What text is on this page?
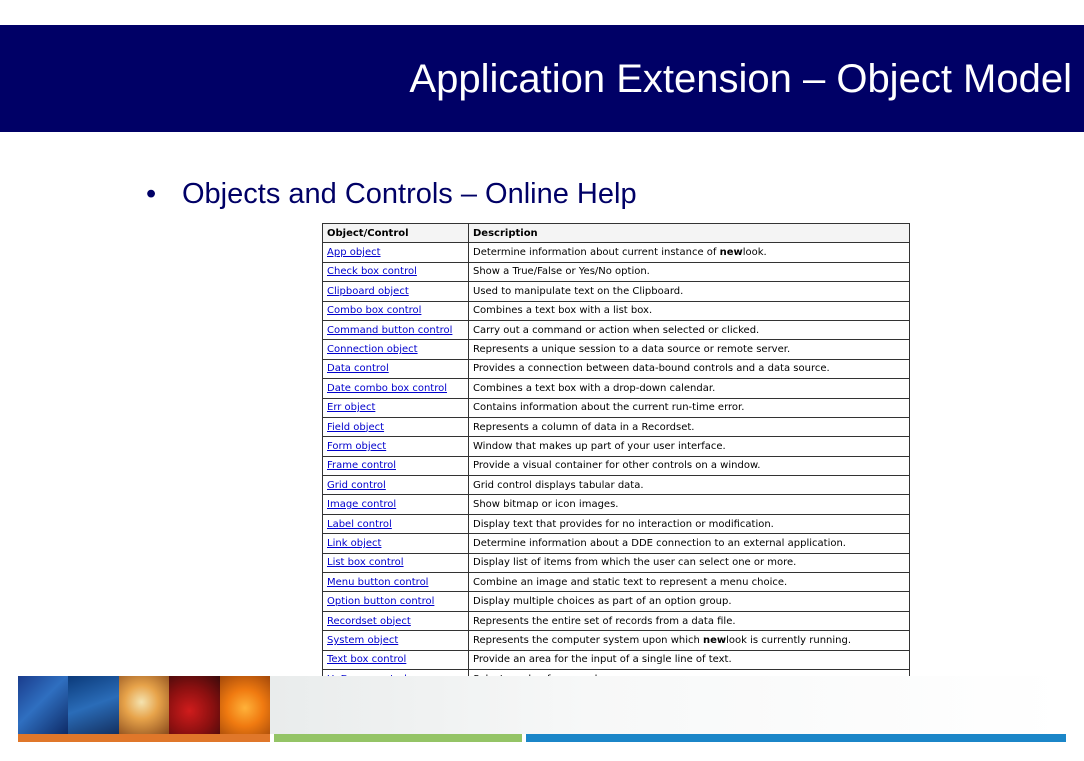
Application Extension – Object Model
• Objects and Controls – Online Help
Object/Control	Description
App object	Determine information about current instance of newlook.
Check box control	Show a True/False or Yes/No option.
Clipboard object	Used to manipulate text on the Clipboard.
Combo box control	Combines a text box with a list box.
Command button control	Carry out a command or action when selected or clicked.
Connection object	Represents a unique session to a data source or remote server.
Data control	Provides a connection between data-bound controls and a data source.
Date combo box control	Combines a text box with a drop-down calendar.
Err object	Contains information about the current run-time error.
Field object	Represents a column of data in a Recordset.
Form object	Window that makes up part of your user interface.
Frame control	Provide a visual container for other controls on a window.
Grid control	Grid control displays tabular data.
Image control	Show bitmap or icon images.
Label control	Display text that provides for no interaction or modification.
Link object	Determine information about a DDE connection to an external application.
List box control	Display list of items from which the user can select one or more.
Menu button control	Combine an image and static text to represent a menu choice.
Option button control	Display multiple choices as part of an option group.
Recordset object	Represents the entire set of records from a data file.
System object	Represents the computer system upon which newlook is currently running.
Text box control	Provide an area for the input of a single line of text.
